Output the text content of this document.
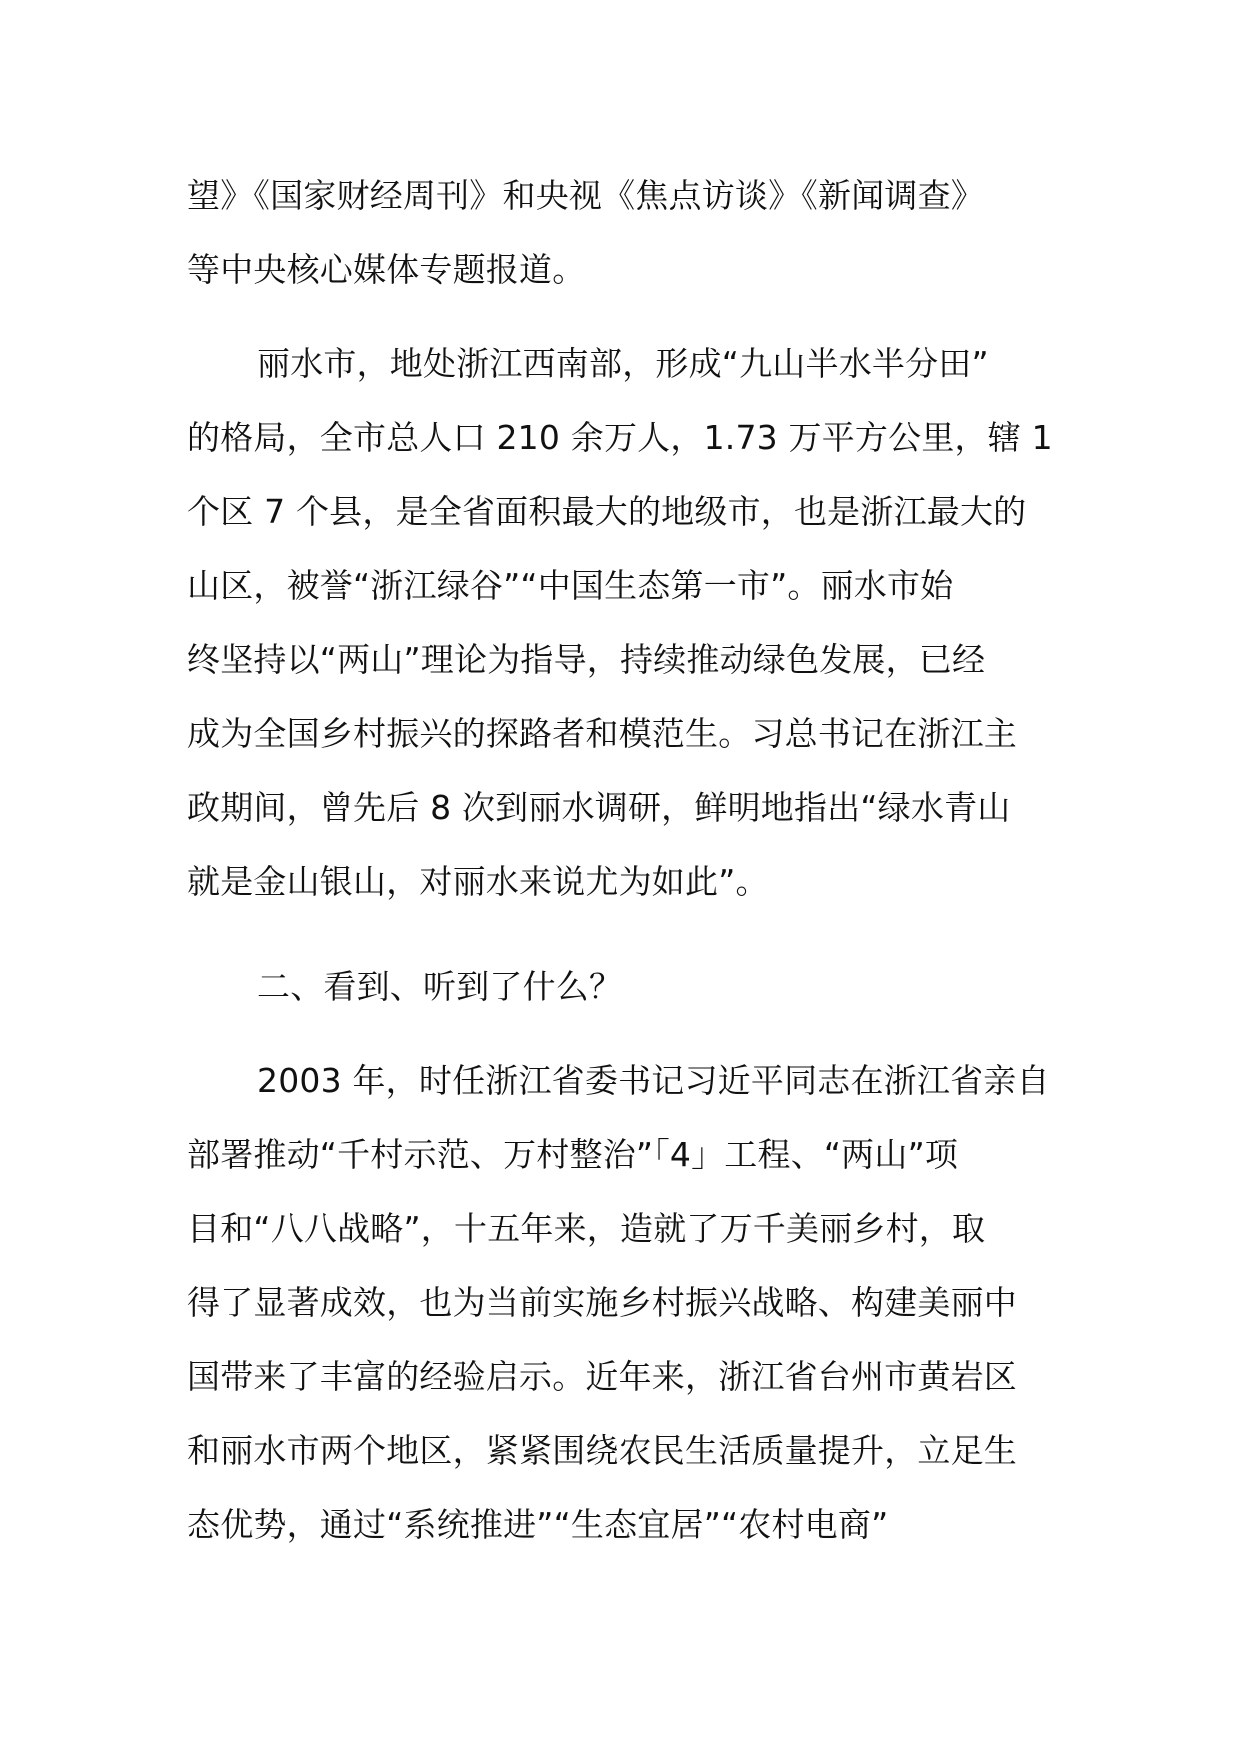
望》《国家财经周刊》和央视《焦点访谈》《新闻调查》
等中央核心媒体专题报道。
丽水市，地处浙江西南部，形成“九山半水半分田”
的格局，全市总人口 210 余万人，1.73 万平方公里，辖 1
个区 7 个县，是全省面积最大的地级市，也是浙江最大的
山区，被誉“浙江绿谷”“中国生态第一市”。丽水市始
终坚持以“两山”理论为指导，持续推动绿色发展，已经
成为全国乡村振兴的探路者和模范生。习总书记在浙江主
政期间，曾先后 8 次到丽水调研，鲜明地指出“绿水青山
就是金山银山，对丽水来说尤为如此”。
二、看到、听到了什么？
2003 年，时任浙江省委书记习近平同志在浙江省亲自
部署推动“千村示范、万村整治”「4」工程、“两山”项
目和“八八战略”，十五年来，造就了万千美丽乡村，取
得了显著成效，也为当前实施乡村振兴战略、构建美丽中
国带来了丰富的经验启示。近年来，浙江省台州市黄岩区
和丽水市两个地区，紧紧围绕农民生活质量提升，立足生
态优势，通过“系统推进”“生态宜居”“农村电商”
